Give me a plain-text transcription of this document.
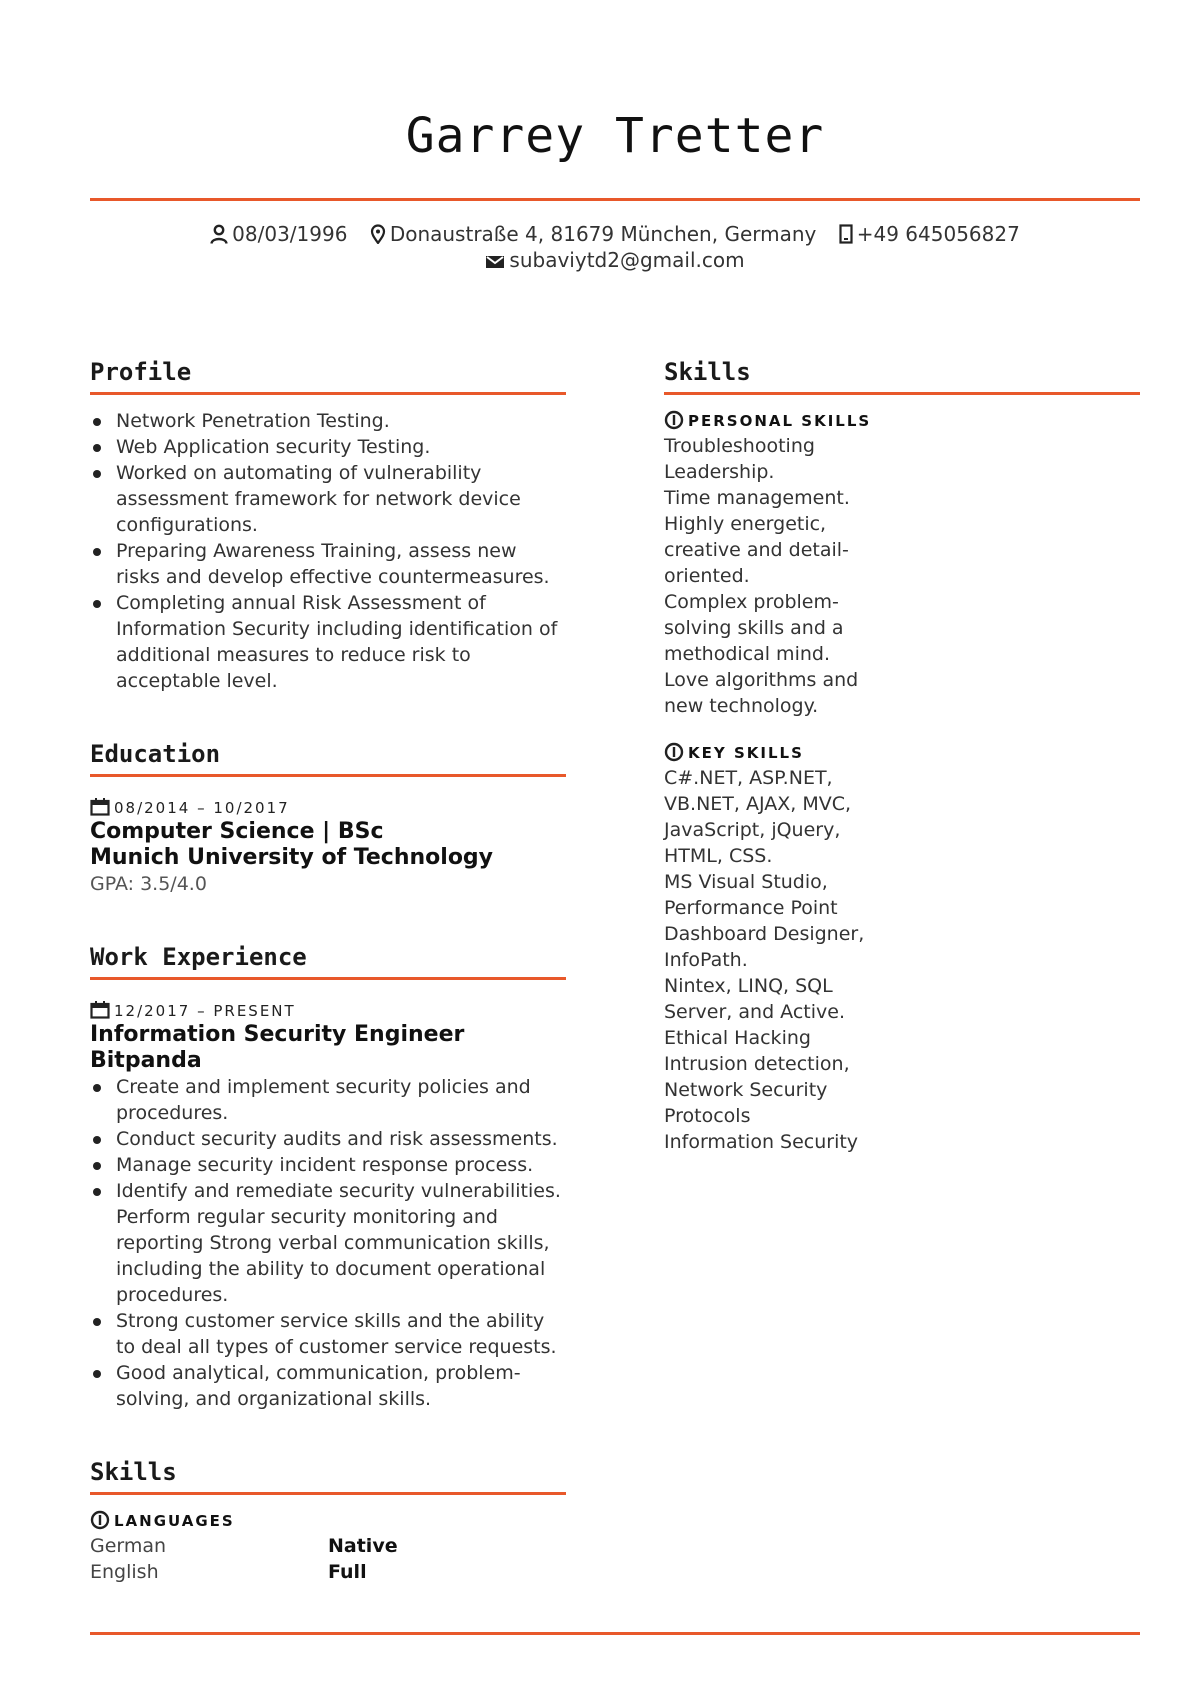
Garrey Tretter
08/03/1996 Donaustraße 4, 81679 München, Germany +49 645056827
subaviytd2@gmail.com
Profile
Network Penetration Testing.
Web Application security Testing.
Worked on automating of vulnerability assessment framework for network device configurations.
Preparing Awareness Training, assess new risks and develop effective countermeasures.
Completing annual Risk Assessment of Information Security including identification of additional measures to reduce risk to acceptable level.
Education
08/2014 – 10/2017
Computer Science | BSc
Munich University of Technology
GPA: 3.5/4.0
Work Experience
12/2017 – PRESENT
Information Security Engineer
Bitpanda
Create and implement security policies and procedures.
Conduct security audits and risk assessments.
Manage security incident response process.
Identify and remediate security vulnerabilities. Perform regular security monitoring and reporting Strong verbal communication skills, including the ability to document operational procedures.
Strong customer service skills and the ability to deal all types of customer service requests.
Good analytical, communication, problem-solving, and organizational skills.
Skills
LANGUAGES
German	Native
English	Full
Skills
PERSONAL SKILLS
Troubleshooting
Leadership.
Time management.
Highly energetic,
creative and detail-
oriented.
Complex problem-
solving skills and a
methodical mind.
Love algorithms and
new technology.
KEY SKILLS
C#.NET, ASP.NET,
VB.NET, AJAX, MVC,
JavaScript, jQuery,
HTML, CSS.
MS Visual Studio,
Performance Point
Dashboard Designer,
InfoPath.
Nintex, LINQ, SQL
Server, and Active.
Ethical Hacking
Intrusion detection,
Network Security
Protocols
Information Security
